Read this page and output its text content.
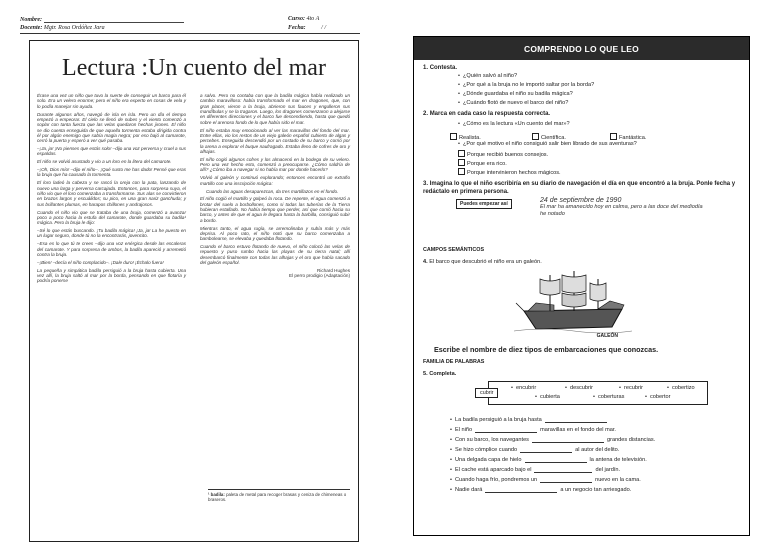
Nombre:
Docente: Mgtr. Rosa Ordóñez Jara
Curso: 4to A
Fecha:	/ /
Lectura :Un cuento del mar

Érase una vez un niño que tuvo la suerte de conseguir un barco para él solo. Era un velero enorme; pero el niño era experto en cosas de vela y lo podía manejar sin ayuda.

Durante algunos años, navegó de isla en isla. Pero un día el tiempo empezó a empeorar. El cielo se llenó de nubes y el viento comenzó a soplar con tanta fuerza que las velas quedaron hechas jirones. El niño se dio cuenta enseguida de que aquella tormenta estaba dirigida contra él por algún enemigo que sabía magia negra; por eso bajó al camarote, cerró la puerta y esperó a ver qué pasaba.

–¡Ja, ja! ¡No pienses que estás solo! –dijo una voz perversa y cruel a sus espaldas.

El niño se volvió asustado y vio a un loro en la litera del camarote.

–¡Oh, Dios mío! –dijo el niño–. ¡Qué susto me has dado! Pensé que eras la bruja que ha causado la tormenta.

El loro ladeó la cabeza y se rascó la oreja con la pata, lanzando de nuevo una larga y perversa carcajada. Entonces, para sorpresa suya, el niño vio que el loro comenzaba a transformarse. Sus alas se convirtieron en brazos largos y escuálidos; su pico, en una gran nariz ganchuda; y sus brillantes plumas, en harapos chillones y andrajosos.

Cuando el niño vio que se trataba de una bruja, comenzó a avanzar poco a poco hacia la estufa del camarote, donde guardaba su badila¹ mágica. Pero la bruja le dijo:

–Sé lo que estás buscando. ¡Tu badila mágica! ¡Ja, ja! La he puesto en un lugar seguro, donde tú no la encontrarás, jovencito.

–Esa es lo que tú te crees –dijo una voz enérgica desde las escaleras del camarote. Y para sorpresa de ambos, la badila apareció y arremetió contra la bruja.

–¡Bien! –decía el niño complacido–. ¡Dale duro! ¡Échalo fuera!

La pequeña y simpática badila persiguió a la bruja hasta cubierta. Una vez allí, la bruja saltó al mar por la borda, pensando en que flotaría y podría ponerse

a salvo. Pero no contaba con que la badila mágica había realizado un cambio maravilloso: había transformado el mar en dragones, que, con gran placer, vieron a la bruja, abrieron sus fauces y engulleron sus mandíbulas y se la tragaron. Luego, los dragones comenzaron a alejarse en diferentes direcciones y el barco fue descendiendo, hasta que quedó sobre el arenoso fondo de lo que había sido el mar.

El niño estaba muy emocionado al ver las maravillas del fondo del mar. Entre ellas, vio los restos de un viejo galeón español cubierto de algas y percebes. Enseguida descendió por un costado de su barco y corrió por la arena a explorar el buque naufragado. Estaba lleno de cofres de oro y alhajas.

El niño cogió algunos cofres y los almacenó en la bodega de su velero. Pero una vez hecho esto, comenzó a preocuparse. ¿Cómo saldría de allí? ¿Cómo iba a navegar si no había mar por donde hacerlo?

Volvió al galeón y continuó explorando; entonces encontró un extraño martillo con una inscripción mágica:

Cuando las aguas desaparezcan, da tres martillazos en el fondo.

El niño cogió el martillo y golpeó la roca. De repente, el agua comenzó a brotar del suelo a borbollones, como si todas las tuberías de la Tierra hubieran estallado. No había tiempo que perder, así que corrió hacia su barco, y antes de que el agua le llegara hasta la barbilla, consiguió subir a bordo.

Mientras tanto, el agua rugía, se arremolinaba y subía más y más deprisa. Al poco rato, el niño notó que su barco comenzaba a bambolearse, se elevaba y quedaba flotando.

Cuando el barco estuvo flotando de nuevo, el niño colocó las velas de repuesto y puso rumbo hacia las playas de su tierra natal; allí desembarcó finalmente con todas las alhajas y el oro que había sacado del galeón español.

Richard Hughes

El perro prodigio (Adaptación)

¹ badila: paleta de metal para recoger brasas y ceniza de chimeneas o braseros.
COMPRENDO LO QUE LEO
1. Contesta.
• ¿Quién salvó al niño?
• ¿Por qué a la bruja no le importó saltar por la borda?
• ¿Dónde guardaba el niño su badila mágica?
• ¿Cuándo flotó de nuevo el barco del niño?
2. Marca en cada caso la respuesta correcta.
• ¿Cómo es la lectura «Un cuento del mar»?
Realista.	Científica.	Fantástica.
• ¿Por qué motivo el niño consiguió salir bien librado de sus aventuras?
Porque recibió buenos consejos.
Porque era rico.
Porque intervinieron hechos mágicos.
3. Imagina lo que el niño escribiría en su diario de navegación el día en que encontró a la bruja. Ponle fecha y redáctalo en primera persona.
Puedes empezar así	24 de septiembre de 1990
El mar ha amanecido hoy en calma, pero a las doce del mediodía
he notado
CAMPOS SEMÁNTICOS
4. El barco que descubrió el niño era un galeón.
GALEÓN
Escribe el nombre de diez tipos de embarcaciones que conozcas.
FAMILIA DE PALABRAS
5. Completa.
cubrir
• encubrir	• descubrir	• recubrir	• cobertizo
• cubierta	• coberturas	• cobertor
• La badila persiguió a la bruja hasta
• El niño	maravillas en el fondo del mar.
• Con su barco, los navegantes	grandes distancias.
• Se hizo cómplice cuando	al autor del delito.
• Una delgada capa de hielo	la antena de televisión.
• El cache está aparcado bajo el	del jardín.
• Cuando haga frío, pondremos un	nuevo en la cama.
• Nadie dará	a un negocio tan arriesgado.
